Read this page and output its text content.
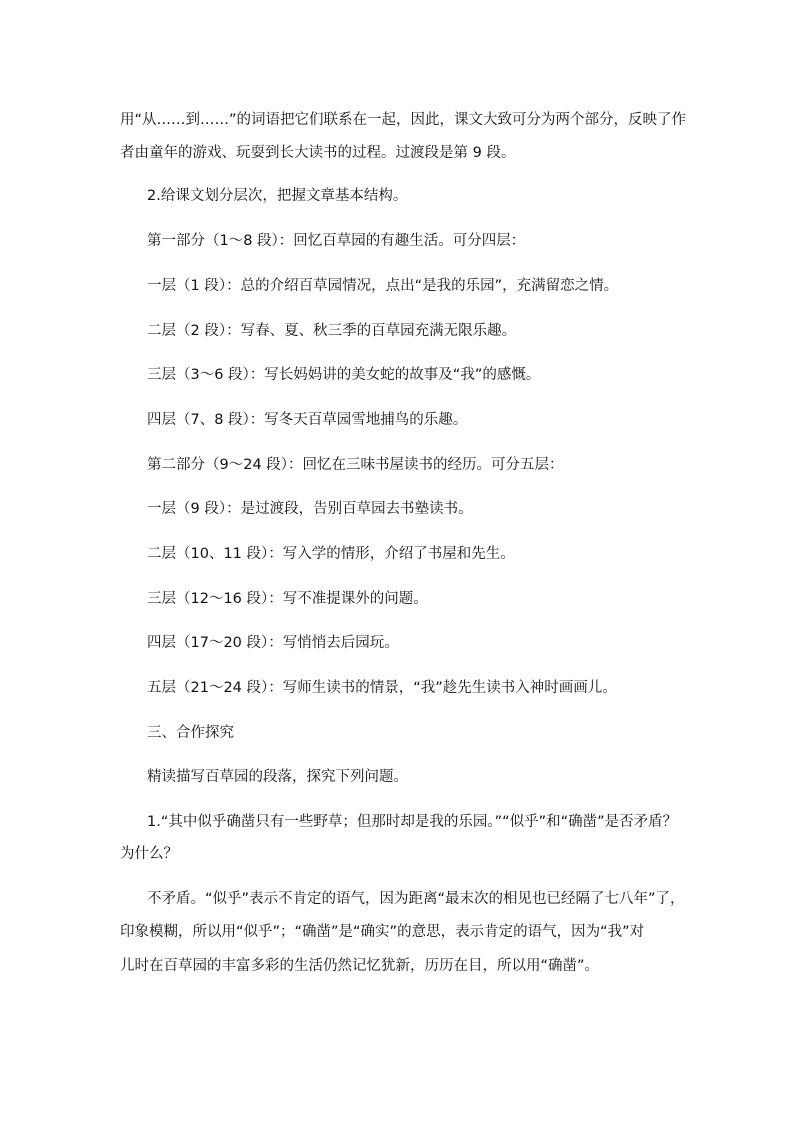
用“从……到……”的词语把它们联系在一起，因此，课文大致可分为两个部分，反映了作
者由童年的游戏、玩耍到长大读书的过程。过渡段是第 9 段。
2.给课文划分层次，把握文章基本结构。
第一部分（1～8 段）：回忆百草园的有趣生活。可分四层：
一层（1 段）：总的介绍百草园情况，点出“是我的乐园”，充满留恋之情。
二层（2 段）：写春、夏、秋三季的百草园充满无限乐趣。
三层（3～6 段）：写长妈妈讲的美女蛇的故事及“我”的感慨。
四层（7、8 段）：写冬天百草园雪地捕鸟的乐趣。
第二部分（9～24 段）：回忆在三味书屋读书的经历。可分五层：
一层（9 段）：是过渡段，告别百草园去书塾读书。
二层（10、11 段）：写入学的情形，介绍了书屋和先生。
三层（12～16 段）：写不准提课外的问题。
四层（17～20 段）：写悄悄去后园玩。
五层（21～24 段）：写师生读书的情景，“我”趁先生读书入神时画画儿。
三、合作探究
精读描写百草园的段落，探究下列问题。
1.“其中似乎确凿只有一些野草；但那时却是我的乐园。”“似乎”和“确凿”是否矛盾？
为什么？
不矛盾。“似乎”表示不肯定的语气，因为距离“最末次的相见也已经隔了七八年”了，
印象模糊，所以用“似乎”；“确凿”是“确实”的意思，表示肯定的语气，因为“我”对
儿时在百草园的丰富多彩的生活仍然记忆犹新，历历在目，所以用“确凿”。
